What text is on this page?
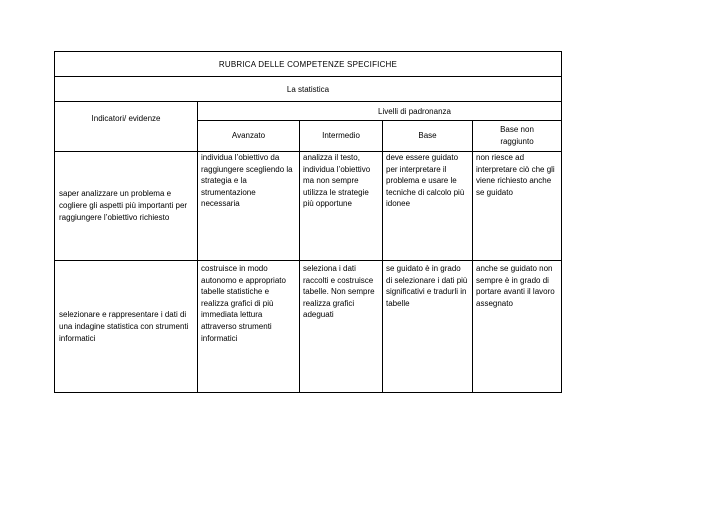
RUBRICA DELLE COMPETENZE SPECIFICHE				
La statistica				
Indicatori/ evidenze	Livelli di padronanza			
	Avanzato	Intermedio	Base	Base non raggiunto
saper analizzare un problema e cogliere gli aspetti più importanti per raggiungere l’obiettivo richiesto	individua l’obiettivo da raggiungere scegliendo la strategia e la strumentazione necessaria	analizza il testo, individua l’obiettivo ma non sempre utilizza le strategie più opportune	deve essere guidato per interpretare il problema e usare le tecniche di calcolo più idonee	non riesce ad interpretare ciò che gli viene richiesto anche se guidato
selezionare e rappresentare i dati di una indagine statistica con strumenti informatici	costruisce in modo autonomo e appropriato tabelle statistiche e realizza grafici di più immediata lettura attraverso strumenti informatici	seleziona i dati raccolti e costruisce tabelle. Non sempre realizza grafici adeguati	se guidato è in grado di selezionare i dati più significativi e tradurli in tabelle	anche se guidato non sempre è in grado di portare avanti il lavoro assegnato
